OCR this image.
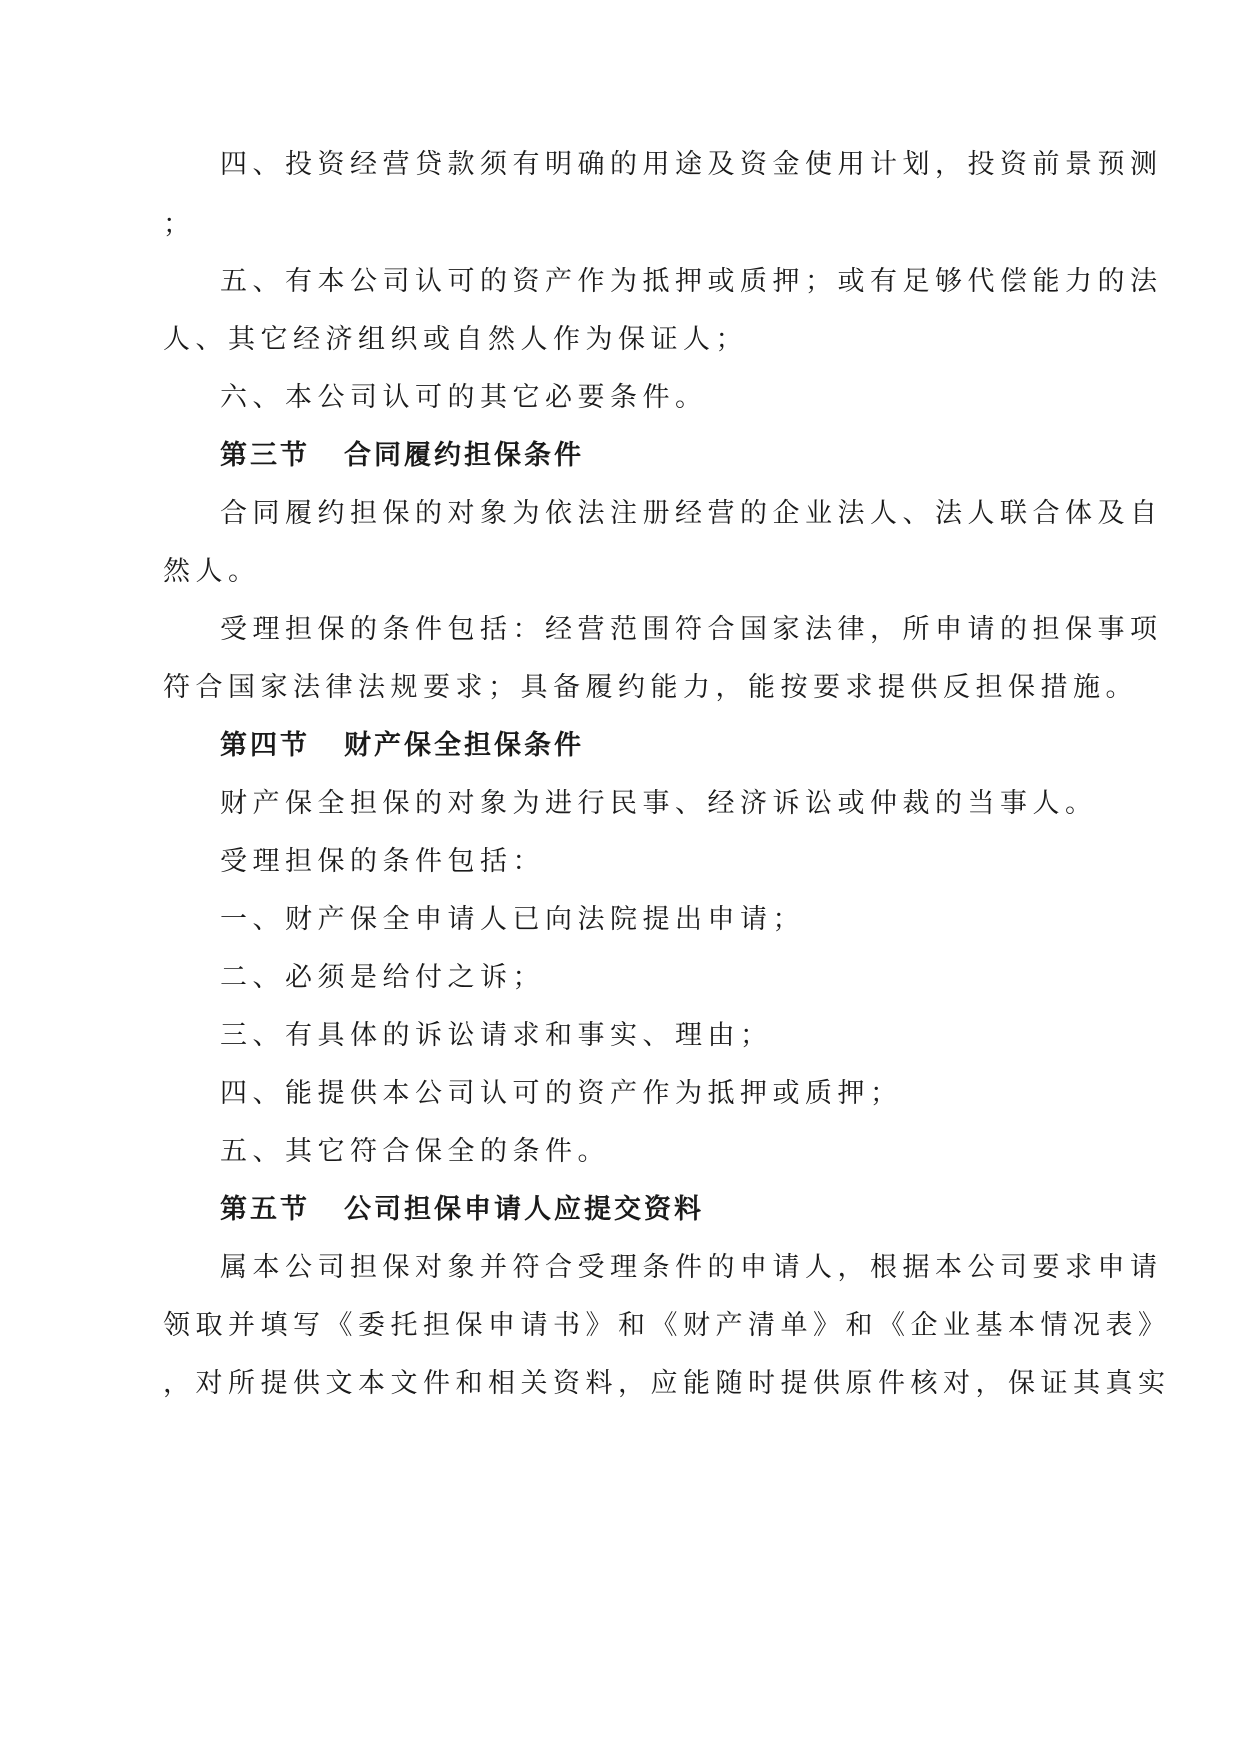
四、投资经营贷款须有明确的用途及资金使用计划，投资前景预测
；
五、有本公司认可的资产作为抵押或质押；或有足够代偿能力的法
人、其它经济组织或自然人作为保证人；
六、本公司认可的其它必要条件。
第三节 合同履约担保条件
合同履约担保的对象为依法注册经营的企业法人、法人联合体及自
然人。
受理担保的条件包括：经营范围符合国家法律，所申请的担保事项
符合国家法律法规要求；具备履约能力，能按要求提供反担保措施。
第四节 财产保全担保条件
财产保全担保的对象为进行民事、经济诉讼或仲裁的当事人。
受理担保的条件包括：
一、财产保全申请人已向法院提出申请；
二、必须是给付之诉；
三、有具体的诉讼请求和事实、理由；
四、能提供本公司认可的资产作为抵押或质押；
五、其它符合保全的条件。
第五节 公司担保申请人应提交资料
属本公司担保对象并符合受理条件的申请人，根据本公司要求申请
领取并填写《委托担保申请书》和《财产清单》和《企业基本情况表》
，对所提供文本文件和相关资料，应能随时提供原件核对，保证其真实
